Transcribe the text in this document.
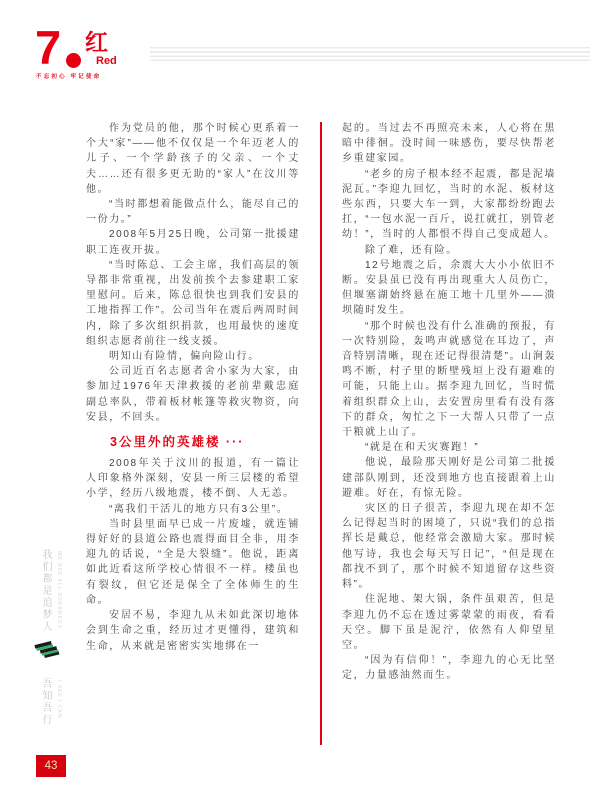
7 红
Red
不忘初心 牢记使命

作为党员的他，那个时候心更系着一个大“家”——他不仅仅是一个年迈老人的儿子、一个学龄孩子的父亲、一个丈夫……还有很多更无助的“家人”在汶川等他。

“当时都想着能做点什么，能尽自己的一份力。”

2008年5月25日晚，公司第一批援建职工连夜开拔。

“当时陈总、工会主席，我们高层的领导都非常重视，出发前挨个去参建职工家里慰问。后来，陈总很快也到我们安县的工地指挥工作”。公司当年在震后两周时间内，除了多次组织捐款，也用最快的速度组织志愿者前往一线支援。

明知山有险情，偏向险山行。

公司近百名志愿者舍小家为大家，由参加过1976年天津救援的老前辈戴忠庭副总率队，带着板材帐篷等救灾物资，向安县，不回头。

3公里外的英雄楼 ···

2008年关于汶川的报道，有一篇让人印象格外深刻，安县一所三层楼的希望小学，经历八级地震，楼不倒、人无恙。

“离我们干活儿的地方只有3公里”。

当时县里面早已成一片废墟，就连铺得好好的县道公路也震得面目全非，用李迎九的话说，“全是大裂缝”。他说，距离如此近看这所学校心情很不一样。楼虽也有裂纹，但它还是保全了全体师生的生命。

安居不易，李迎九从未如此深切地体会到生命之重，经历过才更懂得，建筑和生命，从来就是密密实实地绑在一

起的。当过去不再照亮未来，人心将在黑暗中徘徊。没时间一味感伤，要尽快帮老乡重建家园。

“老乡的房子根本经不起震，都是泥墙泥瓦。”李迎九回忆，当时的水泥、板材这些东西，只要大车一到，大家都纷纷跑去扛，“一包水泥一百斤，说扛就扛，别管老幼！”，当时的人都恨不得自己变成超人。

除了难，还有险。

12号地震之后，余震大大小小依旧不断。安县虽已没有再出现重大人员伤亡，但堰塞湖始终悬在施工地十几里外——溃坝随时发生。

“那个时候也没有什么准确的预报，有一次特别险，轰鸣声就感觉在耳边了，声音特别清晰，现在还记得很清楚”。山涧轰鸣不断，村子里的断壁残垣上没有避难的可能，只能上山。据李迎九回忆，当时慌着组织群众上山，去安置房里看有没有落下的群众，匆忙之下一大帮人只带了一点干粮就上山了。

“就是在和天灾赛跑！”

他说，最险那天刚好是公司第二批援建部队刚到，还没到地方也直接跟着上山避难。好在，有惊无险。

灾区的日子很苦，李迎九现在却不怎么记得起当时的困境了，只说“我们的总指挥长是戴总，他经常会激励大家。那时候他写诗，我也会每天写日记”，“但是现在都找不到了，那个时候不知道留存这些资料”。

住泥地、架大锅，条件虽艰苦，但是李迎九仍不忘在透过雾蒙蒙的雨夜，看看天空。脚下虽是泥泞，依然有人仰望星空。

“因为有信仰！”，李迎九的心无比坚定，力量感油然而生。

我们都是追梦人	WE ARE ALL DREAMERS
吾知吾行	I SEE I CAN
43
